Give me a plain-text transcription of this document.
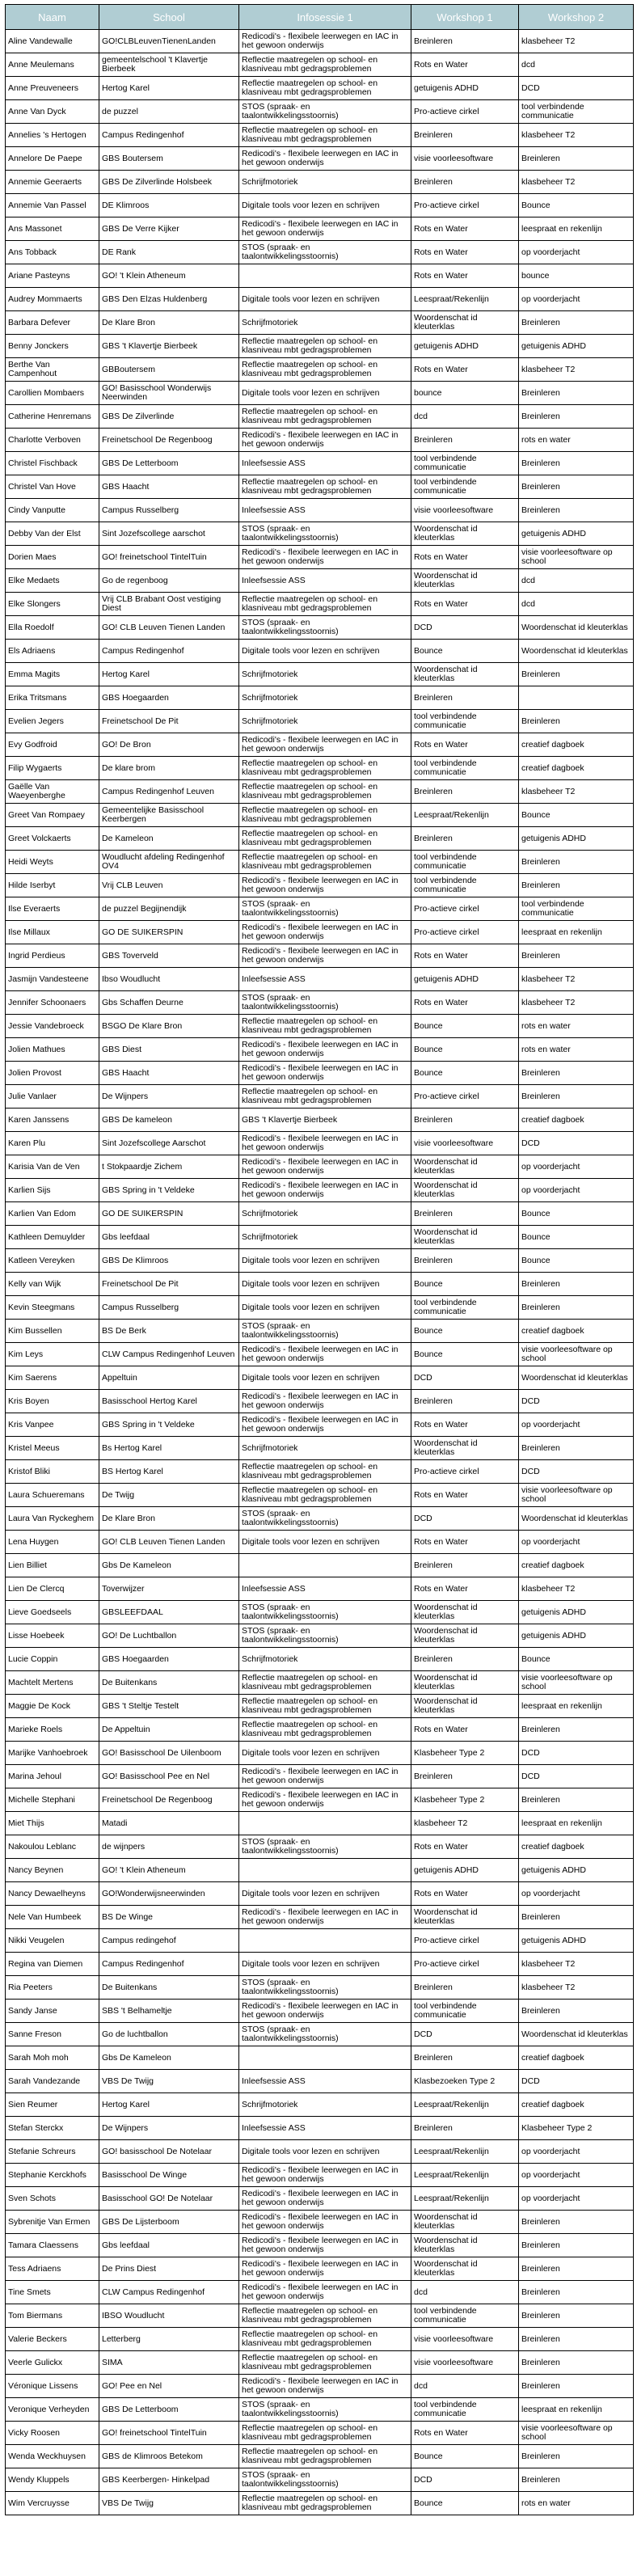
Naam	School	Infosessie 1	Workshop 1	Workshop 2
Aline Vandewalle	GO!CLBLeuvenTienenLanden	Redicodi's - flexibele leerwegen en IAC in het gewoon onderwijs	Breinleren	klasbeheer T2
Anne Meulemans	gemeentelschool 't Klavertje Bierbeek	Reflectie maatregelen op school- en klasniveau mbt gedragsproblemen	Rots en Water	dcd
Anne Preuveneers	Hertog Karel	Reflectie maatregelen op school- en klasniveau mbt gedragsproblemen	getuigenis ADHD	DCD
Anne Van Dyck	de puzzel	STOS (spraak- en taalontwikkelingsstoornis)	Pro-actieve cirkel	tool verbindende communicatie
Annelies 's Hertogen	Campus Redingenhof	Reflectie maatregelen op school- en klasniveau mbt gedragsproblemen	Breinleren	klasbeheer T2
Annelore De Paepe	GBS Boutersem	Redicodi's - flexibele leerwegen en IAC in het gewoon onderwijs	visie voorleesoftware	Breinleren
Annemie Geeraerts	GBS De Zilverlinde Holsbeek	Schrijfmotoriek	Breinleren	klasbeheer T2
Annemie Van Passel	DE Klimroos	Digitale tools voor lezen en schrijven	Pro-actieve cirkel	Bounce
Ans Massonet	GBS De Verre Kijker	Redicodi's - flexibele leerwegen en IAC in het gewoon onderwijs	Rots en Water	leespraat en rekenlijn
Ans Tobback	DE Rank	STOS (spraak- en taalontwikkelingsstoornis)	Rots en Water	op voorderjacht
Ariane Pasteyns	GO! 't Klein Atheneum		Rots en Water	bounce
Audrey Mommaerts	GBS Den Elzas Huldenberg	Digitale tools voor lezen en schrijven	Leespraat/Rekenlijn	op voorderjacht
Barbara Defever	De Klare Bron	Schrijfmotoriek	Woordenschat id kleuterklas	Breinleren
Benny Jonckers	GBS 't Klavertje Bierbeek	Reflectie maatregelen op school- en klasniveau mbt gedragsproblemen	getuigenis ADHD	getuigenis ADHD
Berthe Van Campenhout	GBBoutersem	Reflectie maatregelen op school- en klasniveau mbt gedragsproblemen	Rots en Water	klasbeheer T2
Carollien Mombaers	GO! Basisschool Wonderwijs Neerwinden	Digitale tools voor lezen en schrijven	bounce	Breinleren
Catherine Henremans	GBS De Zilverlinde	Reflectie maatregelen op school- en klasniveau mbt gedragsproblemen	dcd	Breinleren
Charlotte Verboven	Freinetschool De Regenboog	Redicodi's - flexibele leerwegen en IAC in het gewoon onderwijs	Breinleren	rots en water
Christel Fischback	GBS De Letterboom	Inleefsessie ASS	tool verbindende communicatie	Breinleren
Christel Van Hove	GBS Haacht	Reflectie maatregelen op school- en klasniveau mbt gedragsproblemen	tool verbindende communicatie	Breinleren
Cindy Vanputte	Campus Russelberg	Inleefsessie ASS	visie voorleesoftware	Breinleren
Debby Van der Elst	Sint Jozefscollege aarschot	STOS (spraak- en taalontwikkelingsstoornis)	Woordenschat id kleuterklas	getuigenis ADHD
Dorien Maes	GO! freinetschool TintelTuin	Redicodi's - flexibele leerwegen en IAC in het gewoon onderwijs	Rots en Water	visie voorleesoftware op school
Elke Medaets	Go de regenboog	Inleefsessie ASS	Woordenschat id kleuterklas	dcd
Elke Slongers	Vrij CLB Brabant Oost vestiging Diest	Reflectie maatregelen op school- en klasniveau mbt gedragsproblemen	Rots en Water	dcd
Ella Roedolf	GO! CLB Leuven Tienen Landen	STOS (spraak- en taalontwikkelingsstoornis)	DCD	Woordenschat id kleuterklas
Els Adriaens	Campus Redingenhof	Digitale tools voor lezen en schrijven	Bounce	Woordenschat id kleuterklas
Emma Magits	Hertog Karel	Schrijfmotoriek	Woordenschat id kleuterklas	Breinleren
Erika Tritsmans	GBS Hoegaarden	Schrijfmotoriek	Breinleren	
Evelien Jegers	Freinetschool De Pit	Schrijfmotoriek	tool verbindende communicatie	Breinleren
Evy Godfroid	GO! De Bron	Redicodi's - flexibele leerwegen en IAC in het gewoon onderwijs	Rots en Water	creatief dagboek
Filip Wygaerts	De klare brom	Reflectie maatregelen op school- en klasniveau mbt gedragsproblemen	tool verbindende communicatie	creatief dagboek
Gaëlle Van Waeyenberghe	Campus Redingenhof Leuven	Reflectie maatregelen op school- en klasniveau mbt gedragsproblemen	Breinleren	klasbeheer T2
Greet Van Rompaey	Gemeentelijke Basisschool Keerbergen	Reflectie maatregelen op school- en klasniveau mbt gedragsproblemen	Leespraat/Rekenlijn	Bounce
Greet Volckaerts	De Kameleon	Reflectie maatregelen op school- en klasniveau mbt gedragsproblemen	Breinleren	getuigenis ADHD
Heidi Weyts	Woudlucht afdeling Redingenhof OV4	Reflectie maatregelen op school- en klasniveau mbt gedragsproblemen	tool verbindende communicatie	Breinleren
Hilde Iserbyt	Vrij CLB Leuven	Redicodi's - flexibele leerwegen en IAC in het gewoon onderwijs	tool verbindende communicatie	Breinleren
Ilse Everaerts	de puzzel Begijnendijk	STOS (spraak- en taalontwikkelingsstoornis)	Pro-actieve cirkel	tool verbindende communicatie
Ilse Millaux	GO DE SUIKERSPIN	Redicodi's - flexibele leerwegen en IAC in het gewoon onderwijs	Pro-actieve cirkel	leespraat en rekenlijn
Ingrid Perdieus	GBS Toverveld	Redicodi's - flexibele leerwegen en IAC in het gewoon onderwijs	Rots en Water	Breinleren
Jasmijn Vandesteene	Ibso Woudlucht	Inleefsessie ASS	getuigenis ADHD	klasbeheer T2
Jennifer Schoonaers	Gbs Schaffen Deurne	STOS (spraak- en taalontwikkelingsstoornis)	Rots en Water	klasbeheer T2
Jessie Vandebroeck	BSGO De Klare Bron	Reflectie maatregelen op school- en klasniveau mbt gedragsproblemen	Bounce	rots en water
Jolien Mathues	GBS Diest	Redicodi's - flexibele leerwegen en IAC in het gewoon onderwijs	Bounce	rots en water
Jolien Provost	GBS Haacht	Redicodi's - flexibele leerwegen en IAC in het gewoon onderwijs	Bounce	Breinleren
Julie Vanlaer	De Wijnpers	Reflectie maatregelen op school- en klasniveau mbt gedragsproblemen	Pro-actieve cirkel	Breinleren
Karen Janssens	GBS De kameleon	GBS 't Klavertje Bierbeek	Breinleren	creatief dagboek
Karen Plu	Sint Jozefscollege Aarschot	Redicodi's - flexibele leerwegen en IAC in het gewoon onderwijs	visie voorleesoftware	DCD
Karisia Van de Ven	t Stokpaardje Zichem	Redicodi's - flexibele leerwegen en IAC in het gewoon onderwijs	Woordenschat id kleuterklas	op voorderjacht
Karlien Sijs	GBS Spring in 't Veldeke	Redicodi's - flexibele leerwegen en IAC in het gewoon onderwijs	Woordenschat id kleuterklas	op voorderjacht
Karlien Van Edom	GO DE SUIKERSPIN	Schrijfmotoriek	Breinleren	Bounce
Kathleen Demuylder	Gbs leefdaal	Schrijfmotoriek	Woordenschat id kleuterklas	Bounce
Katleen Vereyken	GBS De Klimroos	Digitale tools voor lezen en schrijven	Breinleren	Bounce
Kelly van Wijk	Freinetschool De Pit	Digitale tools voor lezen en schrijven	Bounce	Breinleren
Kevin Steegmans	Campus Russelberg	Digitale tools voor lezen en schrijven	tool verbindende communicatie	Breinleren
Kim Bussellen	BS De Berk	STOS (spraak- en taalontwikkelingsstoornis)	Bounce	creatief dagboek
Kim Leys	CLW Campus Redingenhof Leuven	Redicodi's - flexibele leerwegen en IAC in het gewoon onderwijs	Bounce	visie voorleesoftware op school
Kim Saerens	Appeltuin	Digitale tools voor lezen en schrijven	DCD	Woordenschat id kleuterklas
Kris Boyen	Basisschool Hertog Karel	Redicodi's - flexibele leerwegen en IAC in het gewoon onderwijs	Breinleren	DCD
Kris Vanpee	GBS Spring in 't Veldeke	Redicodi's - flexibele leerwegen en IAC in het gewoon onderwijs	Rots en Water	op voorderjacht
Kristel Meeus	Bs Hertog Karel	Schrijfmotoriek	Woordenschat id kleuterklas	Breinleren
Kristof Bliki	BS Hertog Karel	Reflectie maatregelen op school- en klasniveau mbt gedragsproblemen	Pro-actieve cirkel	DCD
Laura Schueremans	De Twijg	Reflectie maatregelen op school- en klasniveau mbt gedragsproblemen	Rots en Water	visie voorleesoftware op school
Laura Van Ryckeghem	De Klare Bron	STOS (spraak- en taalontwikkelingsstoornis)	DCD	Woordenschat id kleuterklas
Lena Huygen	GO! CLB Leuven Tienen Landen	Digitale tools voor lezen en schrijven	Rots en Water	op voorderjacht
Lien Billiet	Gbs De Kameleon		Breinleren	creatief dagboek
Lien De Clercq	Toverwijzer	Inleefsessie ASS	Rots en Water	klasbeheer T2
Lieve Goedseels	GBSLEEFDAAL	STOS (spraak- en taalontwikkelingsstoornis)	Woordenschat id kleuterklas	getuigenis ADHD
Lisse Hoebeek	GO! De Luchtballon	STOS (spraak- en taalontwikkelingsstoornis)	Woordenschat id kleuterklas	getuigenis ADHD
Lucie Coppin	GBS Hoegaarden	Schrijfmotoriek	Breinleren	Bounce
Machtelt Mertens	De Buitenkans	Reflectie maatregelen op school- en klasniveau mbt gedragsproblemen	Woordenschat id kleuterklas	visie voorleesoftware op school
Maggie De Kock	GBS 't Steltje Testelt	Reflectie maatregelen op school- en klasniveau mbt gedragsproblemen	Woordenschat id kleuterklas	leespraat en rekenlijn
Marieke Roels	De Appeltuin	Reflectie maatregelen op school- en klasniveau mbt gedragsproblemen	Rots en Water	Breinleren
Marijke Vanhoebroek	GO! Basisschool De Uilenboom	Digitale tools voor lezen en schrijven	Klasbeheer Type 2	DCD
Marina Jehoul	GO! Basisschool Pee en Nel	Redicodi's - flexibele leerwegen en IAC in het gewoon onderwijs	Breinleren	DCD
Michelle Stephani	Freinetschool De Regenboog	Redicodi's - flexibele leerwegen en IAC in het gewoon onderwijs	Klasbeheer Type 2	Breinleren
Miet Thijs	Matadi		klasbeheer T2	leespraat en rekenlijn
Nakoulou Leblanc	de wijnpers	STOS (spraak- en taalontwikkelingsstoornis)	Rots en Water	creatief dagboek
Nancy Beynen	GO! 't Klein Atheneum		getuigenis ADHD	getuigenis ADHD
Nancy Dewaelheyns	GO!Wonderwijsneerwinden	Digitale tools voor lezen en schrijven	Rots en Water	op voorderjacht
Nele Van Humbeek	BS De Winge	Redicodi's - flexibele leerwegen en IAC in het gewoon onderwijs	Woordenschat id kleuterklas	Breinleren
Nikki Veugelen	Campus redingehof		Pro-actieve cirkel	getuigenis ADHD
Regina van Diemen	Campus Redingenhof	Digitale tools voor lezen en schrijven	Pro-actieve cirkel	klasbeheer T2
Ria Peeters	De Buitenkans	STOS (spraak- en taalontwikkelingsstoornis)	Breinleren	klasbeheer T2
Sandy Janse	SBS 't Belhameltje	Redicodi's - flexibele leerwegen en IAC in het gewoon onderwijs	tool verbindende communicatie	Breinleren
Sanne Freson	Go de luchtballon	STOS (spraak- en taalontwikkelingsstoornis)	DCD	Woordenschat id kleuterklas
Sarah Moh moh	Gbs De Kameleon		Breinleren	creatief dagboek
Sarah Vandezande	VBS De Twijg	Inleefsessie ASS	Klasbezoeken Type 2	DCD
Sien Reumer	Hertog Karel	Schrijfmotoriek	Leespraat/Rekenlijn	creatief dagboek
Stefan Sterckx	De Wijnpers	Inleefsessie ASS	Breinleren	Klasbeheer Type 2
Stefanie Schreurs	GO! basisschool De Notelaar	Digitale tools voor lezen en schrijven	Leespraat/Rekenlijn	op voorderjacht
Stephanie Kerckhofs	Basisschool De Winge	Redicodi's - flexibele leerwegen en IAC in het gewoon onderwijs	Leespraat/Rekenlijn	op voorderjacht
Sven Schots	Basisschool GO! De Notelaar	Redicodi's - flexibele leerwegen en IAC in het gewoon onderwijs	Leespraat/Rekenlijn	op voorderjacht
Sybrenitje Van Ermen	GBS De Lijsterboom	Redicodi's - flexibele leerwegen en IAC in het gewoon onderwijs	Woordenschat id kleuterklas	Breinleren
Tamara Claessens	Gbs leefdaal	Redicodi's - flexibele leerwegen en IAC in het gewoon onderwijs	Woordenschat id kleuterklas	Breinleren
Tess Adriaens	De Prins Diest	Redicodi's - flexibele leerwegen en IAC in het gewoon onderwijs	Woordenschat id kleuterklas	Breinleren
Tine Smets	CLW Campus Redingenhof	Redicodi's - flexibele leerwegen en IAC in het gewoon onderwijs	dcd	Breinleren
Tom Biermans	IBSO Woudlucht	Reflectie maatregelen op school- en klasniveau mbt gedragsproblemen	tool verbindende communicatie	Breinleren
Valerie Beckers	Letterberg	Reflectie maatregelen op school- en klasniveau mbt gedragsproblemen	visie voorleesoftware	Breinleren
Veerle Gulickx	SIMA	Reflectie maatregelen op school- en klasniveau mbt gedragsproblemen	visie voorleesoftware	Breinleren
Véronique Lissens	GO! Pee en Nel	Redicodi's - flexibele leerwegen en IAC in het gewoon onderwijs	dcd	Breinleren
Veronique Verheyden	GBS De Letterboom	STOS (spraak- en taalontwikkelingsstoornis)	tool verbindende communicatie	leespraat en rekenlijn
Vicky Roosen	GO! freinetschool TintelTuin	Reflectie maatregelen op school- en klasniveau mbt gedragsproblemen	Rots en Water	visie voorleesoftware op school
Wenda Weckhuysen	GBS de Klimroos Betekom	Reflectie maatregelen op school- en klasniveau mbt gedragsproblemen	Bounce	Breinleren
Wendy Kluppels	GBS Keerbergen- Hinkelpad	STOS (spraak- en taalontwikkelingsstoornis)	DCD	Breinleren
Wim Vercruysse	VBS De Twijg	Reflectie maatregelen op school- en klasniveau mbt gedragsproblemen	Bounce	rots en water
